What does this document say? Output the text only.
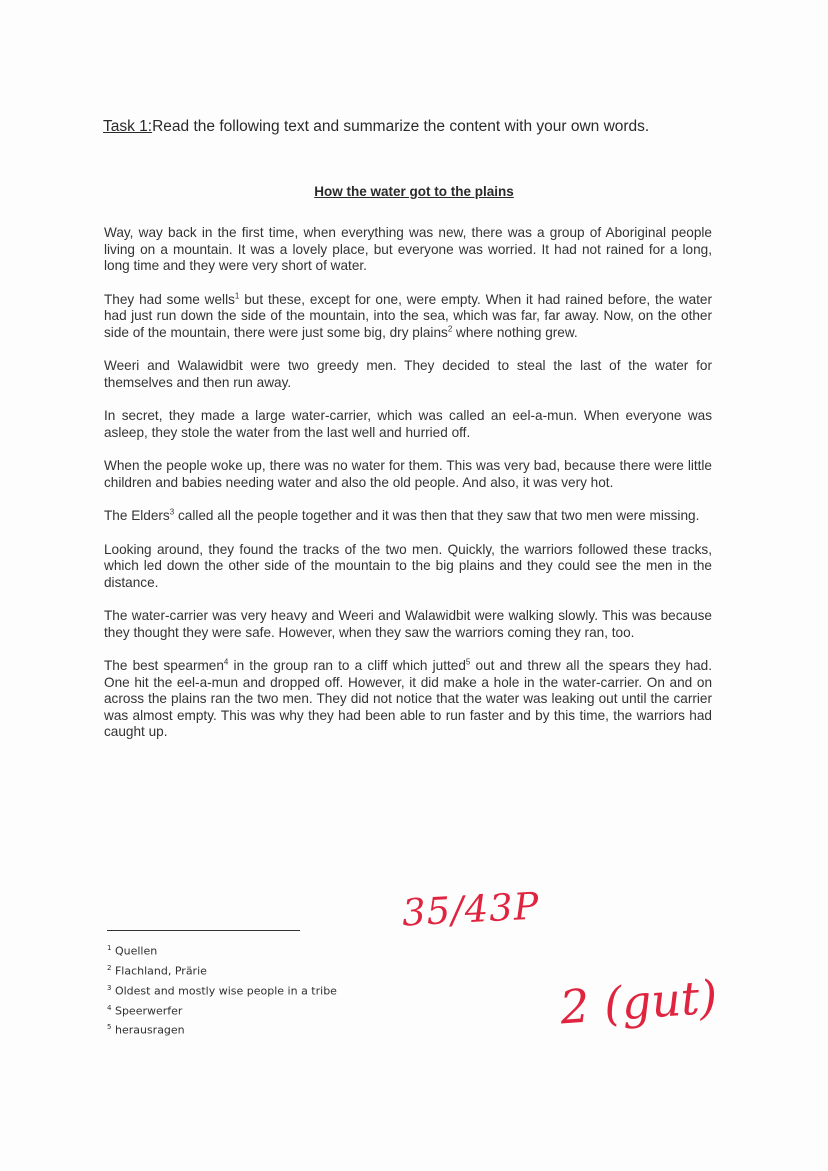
Task 1:Read the following text and summarize the content with your own words.
How the water got to the plains

Way, way back in the first time, when everything was new, there was a group of Aboriginal people living on a mountain. It was a lovely place, but everyone was worried. It had not rained for a long, long time and they were very short of water.

They had some wells$^1$ but these, except for one, were empty. When it had rained before, the water had just run down the side of the mountain, into the sea, which was far, far away. Now, on the other side of the mountain, there were just some big, dry plains$^2$ where nothing grew.

Weeri and Walawidbit were two greedy men. They decided to steal the last of the water for themselves and then run away.

In secret, they made a large water-carrier, which was called an eel-a-mun. When everyone was asleep, they stole the water from the last well and hurried off.

When the people woke up, there was no water for them. This was very bad, because there were little children and babies needing water and also the old people. And also, it was very hot.

The Elders$^3$ called all the people together and it was then that they saw that two men were missing.

Looking around, they found the tracks of the two men. Quickly, the warriors followed these tracks, which led down the other side of the mountain to the big plains and they could see the men in the distance.

The water-carrier was very heavy and Weeri and Walawidbit were walking slowly. This was because they thought they were safe. However, when they saw the warriors coming they ran, too.

The best spearmen$^4$ in the group ran to a cliff which jutted$^5$ out and threw all the spears they had. One hit the eel-a-mun and dropped off. However, it did make a hole in the water-carrier. On and on across the plains ran the two men. They did not notice that the water was leaking out until the carrier was almost empty. This was why they had been able to run faster and by this time, the warriors had caught up.

$^1$ Quellen
$^2$ Flachland, Prärie
$^3$ Oldest and mostly wise people in a tribe
$^4$ Speerwerfer
$^5$ herausragen
35/43P
2 (gut)
